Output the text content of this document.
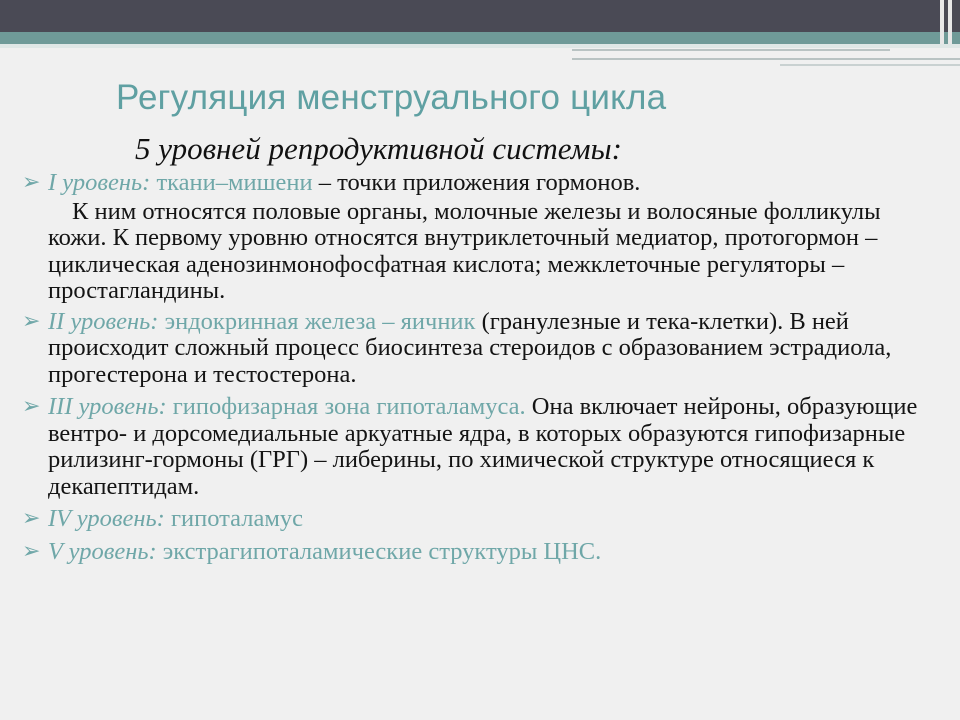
Регуляция менструального цикла
5 уровней репродуктивной системы:
➢ I уровень: ткани–мишени – точки приложения гормонов.
К ним относятся половые органы, молочные железы и волосяные фолликулы кожи. К первому уровню относятся внутриклеточный медиатор, протогормон – циклическая аденозинмонофосфатная кислота; межклеточные регуляторы – простагландины.
➢ II уровень: эндокринная железа – яичник (гранулезные и тека-клетки). В ней происходит сложный процесс биосинтеза стероидов с образованием эстрадиола, прогестерона и тестостерона.
➢ III уровень: гипофизарная зона гипоталамуса. Она включает нейроны, образующие вентро- и дорсомедиальные аркуатные ядра, в которых образуются гипофизарные рилизинг-гормоны (ГРГ) – либерины, по химической структуре относящиеся к декапептидам.
➢ IV уровень: гипоталамус
➢ V уровень: экстрагипоталамические структуры ЦНС.
